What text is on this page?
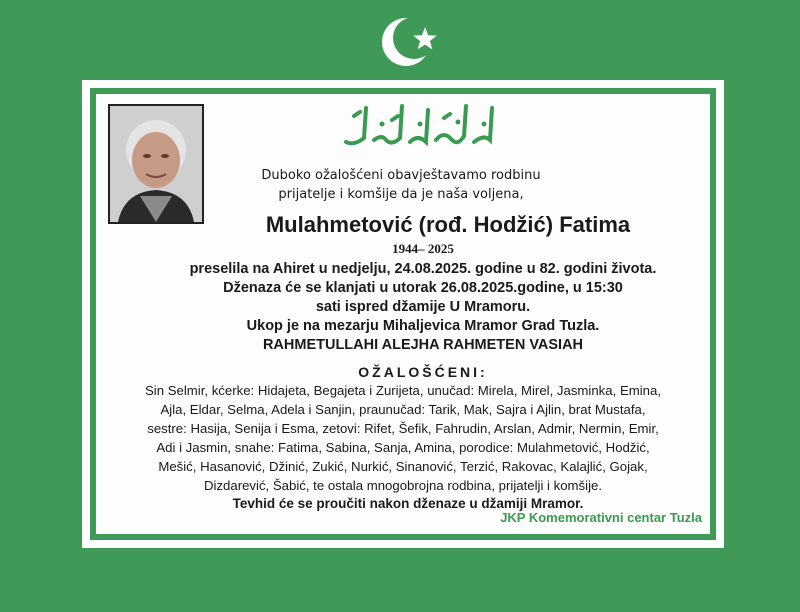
Duboko ožalošćeni obavještavamo rodbinu
prijatelje i komšije da je naša voljena,
Mulahmetović (rođ. Hodžić) Fatima
1944– 2025
preselila na Ahiret u nedjelju, 24.08.2025. godine u 82. godini života.
Dženaza će se klanjati u utorak 26.08.2025.godine, u 15:30
sati ispred džamije U Mramoru.
Ukop je na mezarju Mihaljevica Mramor Grad Tuzla.
RAHMETULLAHI ALEJHA RAHMETEN VASIAH
OŽALOŠĆENI:
Sin Selmir, kćerke: Hidajeta, Begajeta i Zurijeta, unučad: Mirela, Mirel, Jasminka, Emina,
Ajla, Eldar, Selma, Adela i Sanjin, praunučad: Tarik, Mak, Sajra i Ajlin, brat Mustafa,
sestre: Hasija, Senija i Esma, zetovi: Rifet, Šefik, Fahrudin, Arslan, Admir, Nermin, Emir,
Adi i Jasmin, snahe: Fatima, Sabina, Sanja, Amina, porodice: Mulahmetović, Hodžić,
Mešić, Hasanović, Džinić, Zukić, Nurkić, Sinanović, Terzić, Rakovac, Kalajlić, Gojak,
Dizdarević, Šabić, te ostala mnogobrojna rodbina, prijatelji i komšije.
Tevhid će se proučiti nakon dženaze u džamiji Mramor.
JKP Komemorativni centar Tuzla
